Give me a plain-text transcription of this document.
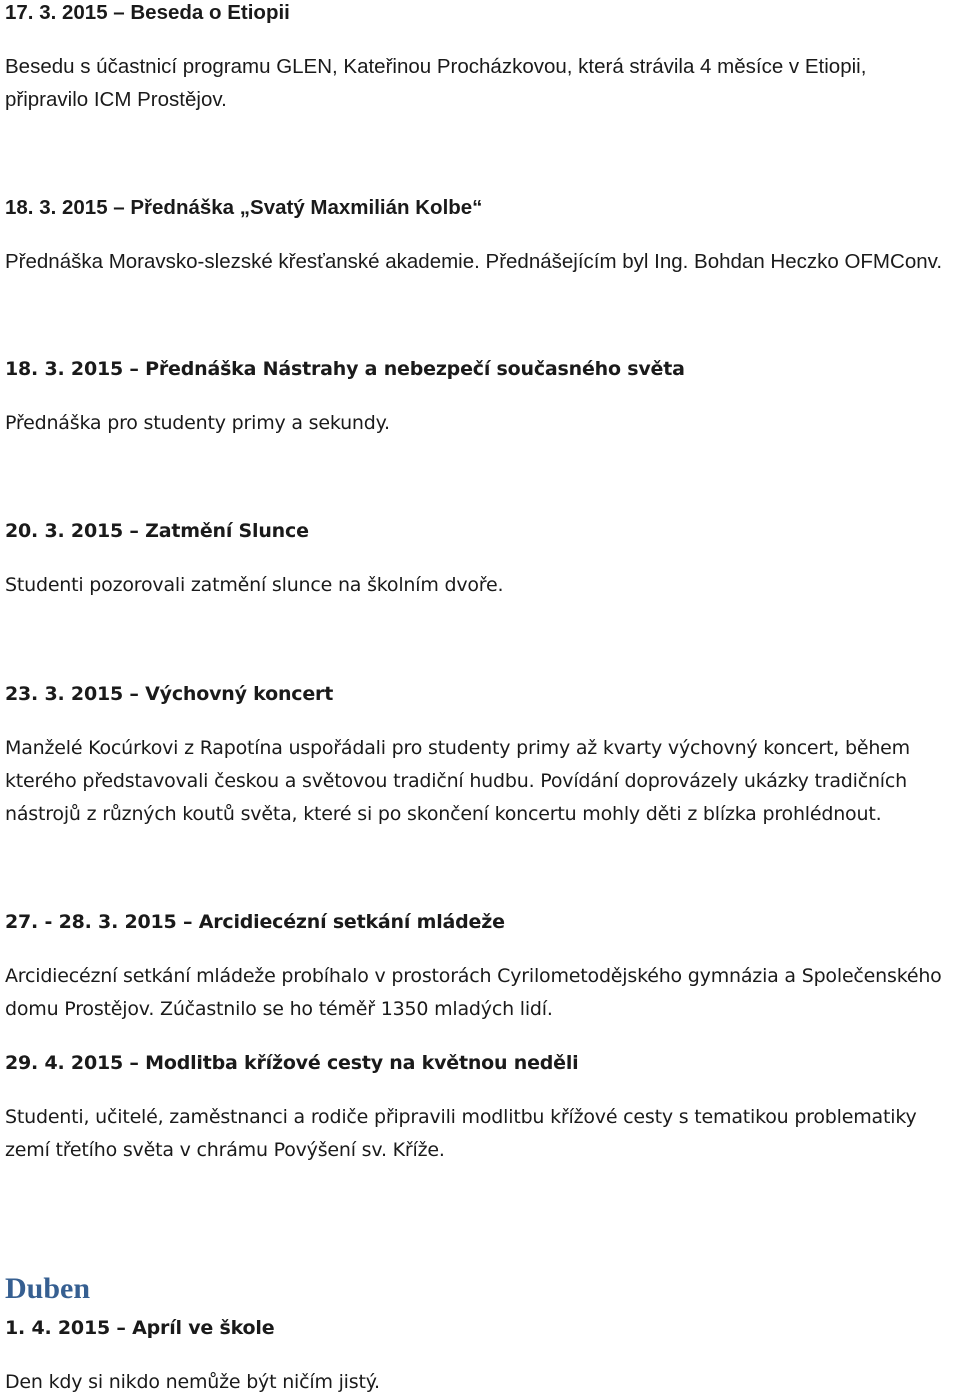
17. 3. 2015 – Beseda o Etiopii

Besedu s účastnicí programu GLEN, Kateřinou Procházkovou, která strávila 4 měsíce v Etiopii,

připravilo ICM Prostějov.

18. 3. 2015 – Přednáška „Svatý Maxmilián Kolbe“

Přednáška Moravsko-slezské křesťanské akademie. Přednášejícím byl Ing. Bohdan Heczko OFMConv.

18. 3. 2015 – Přednáška Nástrahy a nebezpečí současného světa

Přednáška pro studenty primy a sekundy.

20. 3. 2015 – Zatmění Slunce

Studenti pozorovali zatmění slunce na školním dvoře.

23. 3. 2015 – Výchovný koncert

Manželé Kocúrkovi z Rapotína uspořádali pro studenty primy až kvarty výchovný koncert, během

kterého představovali českou a světovou tradiční hudbu. Povídání doprovázely ukázky tradičních

nástrojů z různých koutů světa, které si po skončení koncertu mohly děti z blízka prohlédnout.

27. - 28. 3. 2015 – Arcidiecézní setkání mládeže

Arcidiecézní setkání mládeže probíhalo v prostorách Cyrilometodějského gymnázia a Společenského

domu Prostějov. Zúčastnilo se ho téměř 1350 mladých lidí.

29. 4. 2015 – Modlitba křížové cesty na květnou neděli

Studenti, učitelé, zaměstnanci a rodiče připravili modlitbu křížové cesty s tematikou problematiky

zemí třetího světa v chrámu Povýšení sv. Kříže.

Duben

1. 4. 2015 – Apríl ve škole

Den kdy si nikdo nemůže být ničím jistý.
